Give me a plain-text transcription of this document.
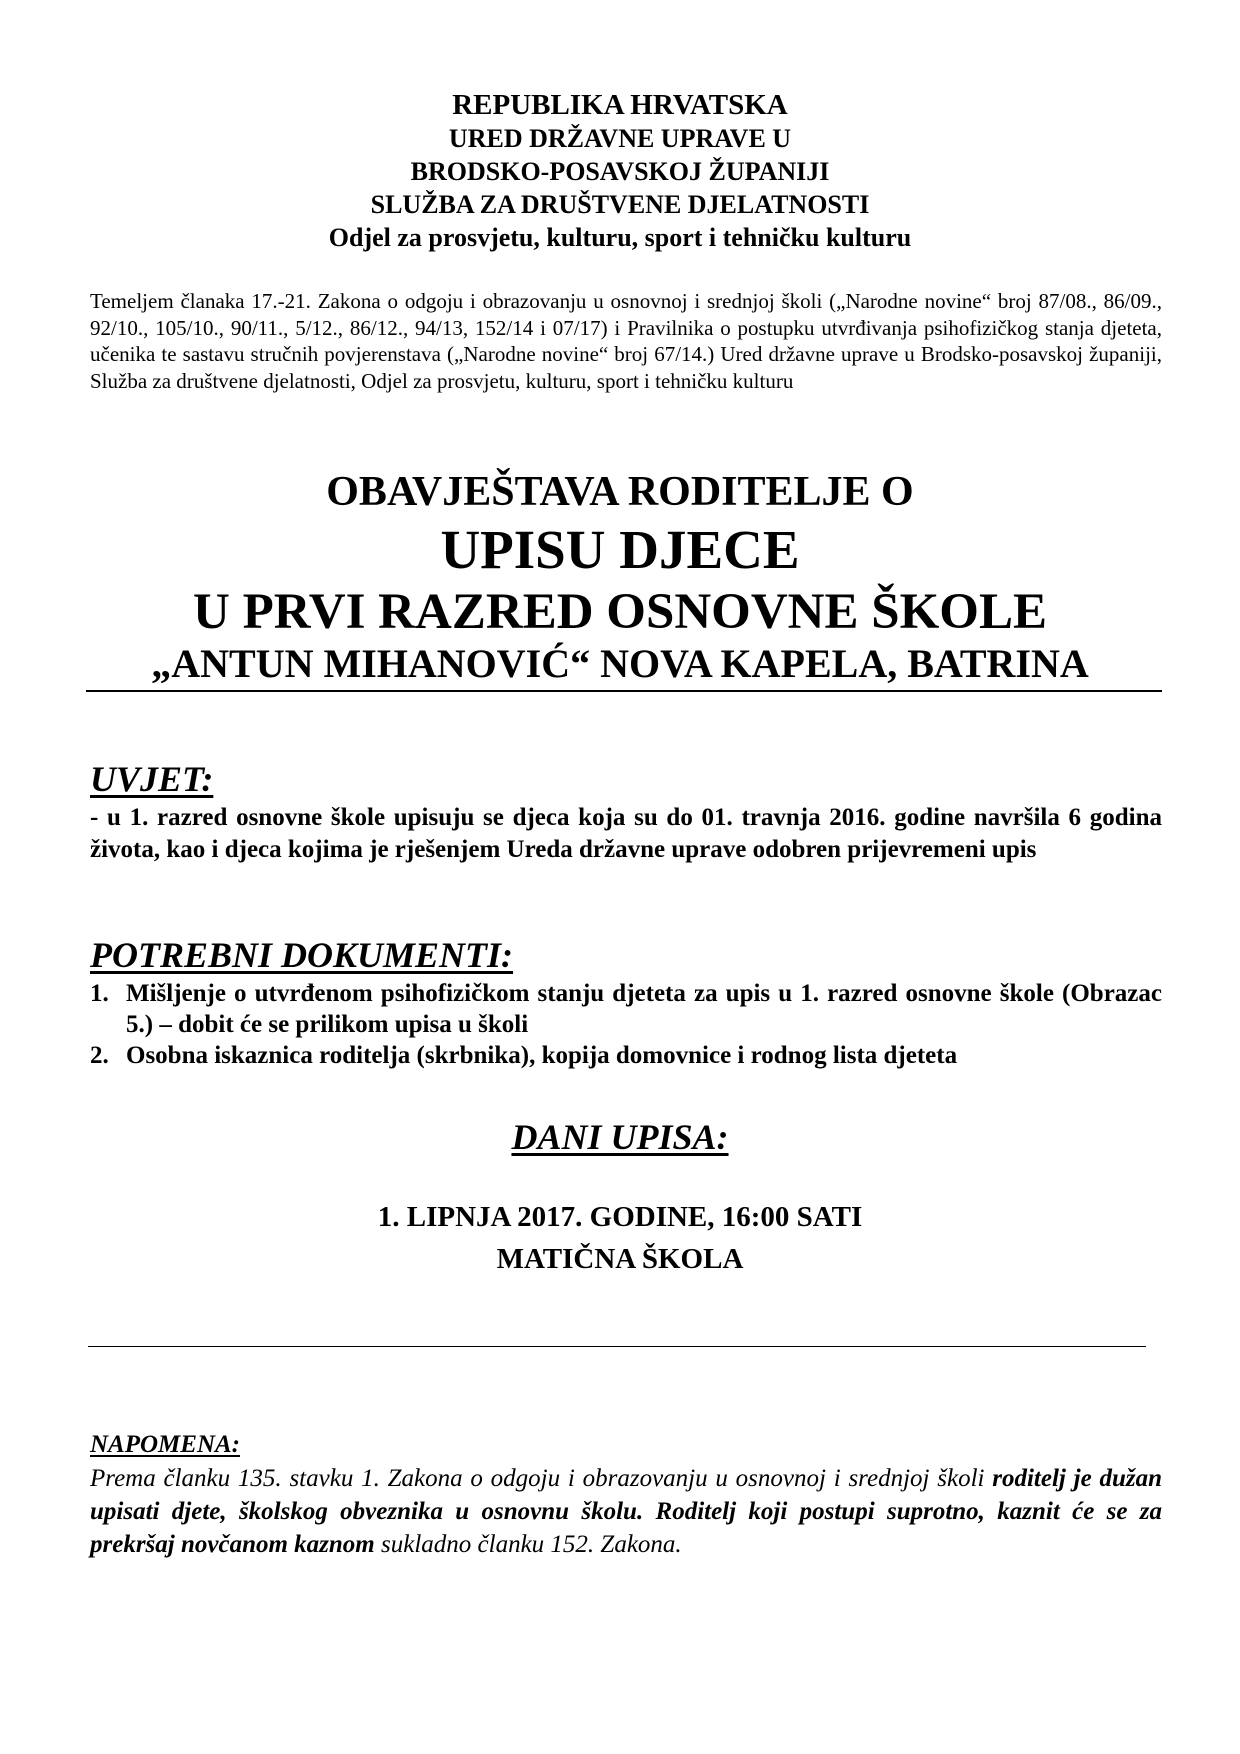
REPUBLIKA HRVATSKA
URED DRŽAVNE UPRAVE U
BRODSKO-POSAVSKOJ ŽUPANIJI
SLUŽBA ZA DRUŠTVENE DJELATNOSTI
Odjel za prosvjetu, kulturu, sport i tehničku kulturu
Temeljem članaka 17.-21. Zakona o odgoju i obrazovanju u osnovnoj i srednjoj školi („Narodne novine“ broj 87/08., 86/09., 92/10., 105/10., 90/11., 5/12., 86/12., 94/13, 152/14 i 07/17) i Pravilnika o postupku utvrđivanja psihofizičkog stanja djeteta, učenika te sastavu stručnih povjerenstava („Narodne novine“ broj 67/14.) Ured državne uprave u Brodsko-posavskoj županiji, Služba za društvene djelatnosti, Odjel za prosvjetu, kulturu, sport i tehničku kulturu
OBAVJEŠTAVA RODITELJE O
UPISU DJECE
U PRVI RAZRED OSNOVNE ŠKOLE
„ANTUN MIHANOVIĆ“ NOVA KAPELA, BATRINA
UVJET:
- u 1. razred osnovne škole upisuju se djeca koja su do 01. travnja 2016. godine navršila 6 godina života, kao i djeca kojima je rješenjem Ureda državne uprave odobren prijevremeni upis
POTREBNI DOKUMENTI:
1. Mišljenje o utvrđenom psihofizičkom stanju djeteta za upis u 1. razred osnovne škole (Obrazac 5.) – dobit će se prilikom upisa u školi
2. Osobna iskaznica roditelja (skrbnika), kopija domovnice i rodnog lista djeteta
DANI UPISA:
1. LIPNJA 2017. GODINE, 16:00 SATI
MATIČNA ŠKOLA
NAPOMENA:
Prema članku 135. stavku 1. Zakona o odgoju i obrazovanju u osnovnoj i srednjoj školi roditelj je dužan upisati djete, školskog obveznika u osnovnu školu. Roditelj koji postupi suprotno, kaznit će se za prekršaj novčanom kaznom sukladno članku 152. Zakona.
